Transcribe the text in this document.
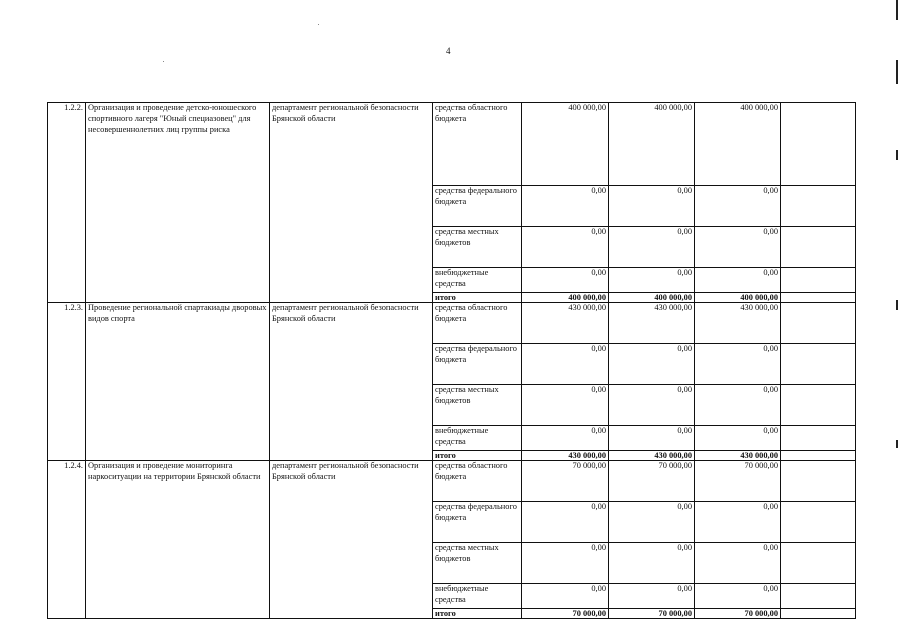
4
1.2.2.	Организация и проведение детско-юношеского спортивного лагеря "Юный специазовец" для несовершеннолетних лиц группы риска	департамент региональной безопасности Брянской области	средства областного бюджета	400 000,00	400 000,00	400 000,00	
			средства федерального бюджета	0,00	0,00	0,00	
			средства местных бюджетов	0,00	0,00	0,00	
			внебюджетные средства	0,00	0,00	0,00	
			итого	400 000,00	400 000,00	400 000,00	
1.2.3.	Проведение региональной спартакиады дворовых видов спорта	департамент региональной безопасности Брянской области	средства областного бюджета	430 000,00	430 000,00	430 000,00	
			средства федерального бюджета	0,00	0,00	0,00	
			средства местных бюджетов	0,00	0,00	0,00	
			внебюджетные средства	0,00	0,00	0,00	
			итого	430 000,00	430 000,00	430 000,00	
1.2.4.	Организация и проведение мониторинга наркоситуации на территории Брянской области	департамент региональной безопасности Брянской области	средства областного бюджета	70 000,00	70 000,00	70 000,00	
			средства федерального бюджета	0,00	0,00	0,00	
			средства местных бюджетов	0,00	0,00	0,00	
			внебюджетные средства	0,00	0,00	0,00	
			итого	70 000,00	70 000,00	70 000,00	
